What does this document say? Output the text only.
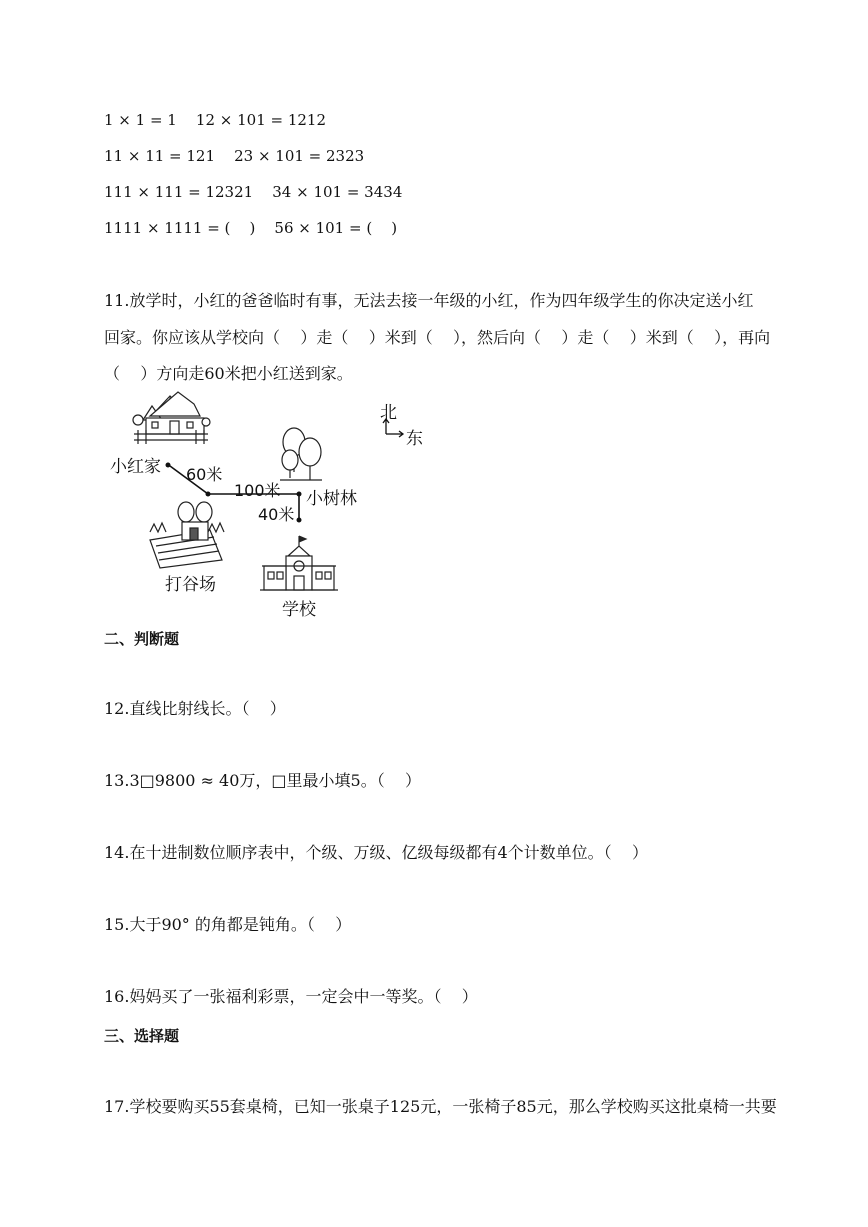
1 × 1 = 1    12 × 101 = 1212
11 × 11 = 121    23 × 101 = 2323
111 × 111 = 12321    34 × 101 = 3434
1111 × 1111 = (    )    56 × 101 = (    )
11.放学时，小红的爸爸临时有事，无法去接一年级的小红，作为四年级学生的你决定送小红
回家。你应该从学校向（    ）走（    ）米到（    ），然后向（    ）走（    ）米到（    ），再向
（    ）方向走60米把小红送到家。
北
东
小红家 60米
100米 小树林
40米
打谷场
学校
二、判断题
12.直线比射线长。（    ）
13.3□9800 ≈ 40万，□里最小填5。（    ）
14.在十进制数位顺序表中，个级、万级、亿级每级都有4个计数单位。（    ）
15.大于90° 的角都是钝角。（    ）
16.妈妈买了一张福利彩票，一定会中一等奖。（    ）
三、选择题
17.学校要购买55套桌椅，已知一张桌子125元，一张椅子85元，那么学校购买这批桌椅一共要
